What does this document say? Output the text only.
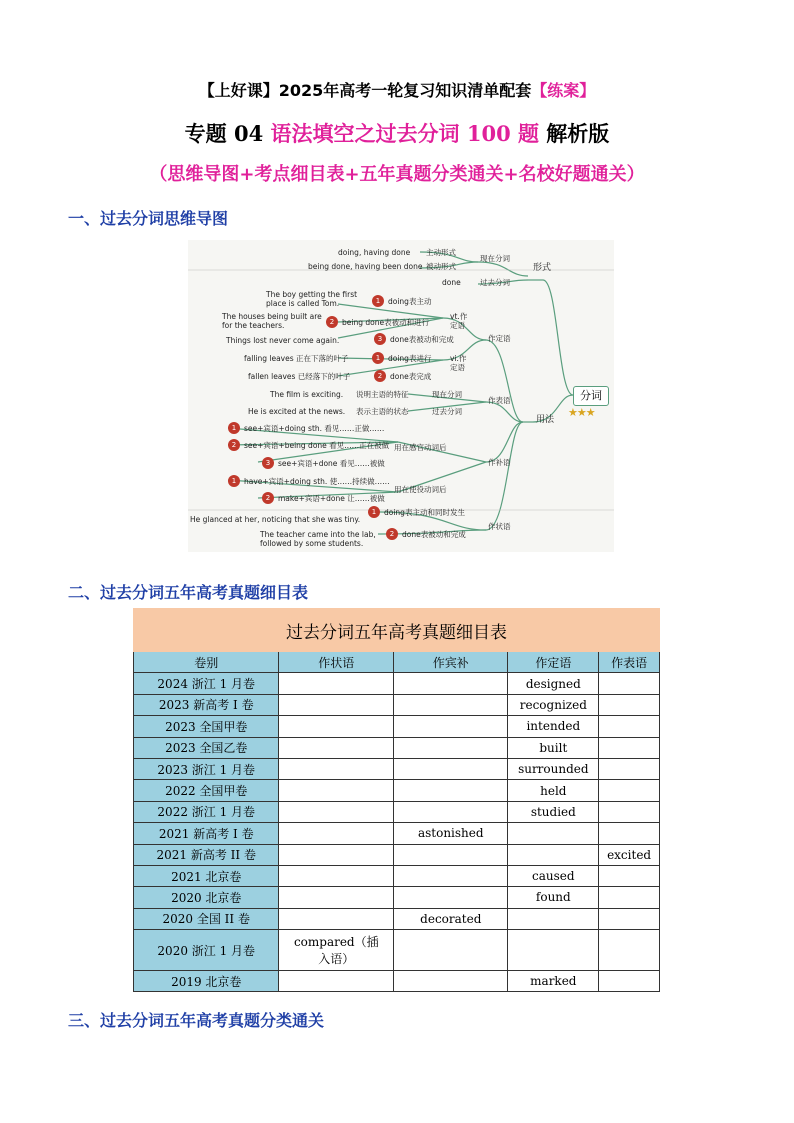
【上好课】2025年高考一轮复习知识清单配套【练案】
专题 04 语法填空之过去分词 100 题 解析版
（思维导图+考点细目表+五年真题分类通关+名校好题通关）
一、过去分词思维导图
分词
★★★
形式
现在分词
过去分词
doing, having done 主动形式
being done, having been done 被动形式
done
用法
作定语
作表语
作补语
作状语
vt.作定语
vi.作定语
The boy getting the first place is called Tom.	1	doing表主动
The houses being built are for the teachers.	2	being done表被动和进行
Things lost never come again.	3	done表被动和完成
falling leaves 正在下落的叶子	1	doing表进行
fallen leaves 已经落下的叶子	2	done表完成
The film is exciting. 说明主语的特征	现在分词
He is excited at the news. 表示主语的状态	过去分词
1	see+宾语+doing sth. 看见……正做……
2	see+宾语+being done 看见……正在被做 用在感官动词后
3	see+宾语+done 看见……被做
1	have+宾语+doing sth. 使……持续做……
用在使役动词后
2	make+宾语+done 让……被做
He glanced at her, noticing that she was tiny.
1	doing表主动和同时发生
The teacher came into the lab, followed by some students.
2	done表被动和完成
二、过去分词五年高考真题细目表
过去分词五年高考真题细目表				
卷别	作状语	作宾补	作定语	作表语
2024 浙江 1 月卷			designed	
2023 新高考 I 卷			recognized	
2023 全国甲卷			intended	
2023 全国乙卷			built	
2023 浙江 1 月卷			surrounded	
2022 全国甲卷			held	
2022 浙江 1 月卷			studied	
2021 新高考 I 卷		astonished		
2021 新高考 II 卷				excited
2021 北京卷			caused	
2020 北京卷			found	
2020 全国 II 卷		decorated		
2020 浙江 1 月卷	compared（插入语）			
2019 北京卷			marked	
三、过去分词五年高考真题分类通关
